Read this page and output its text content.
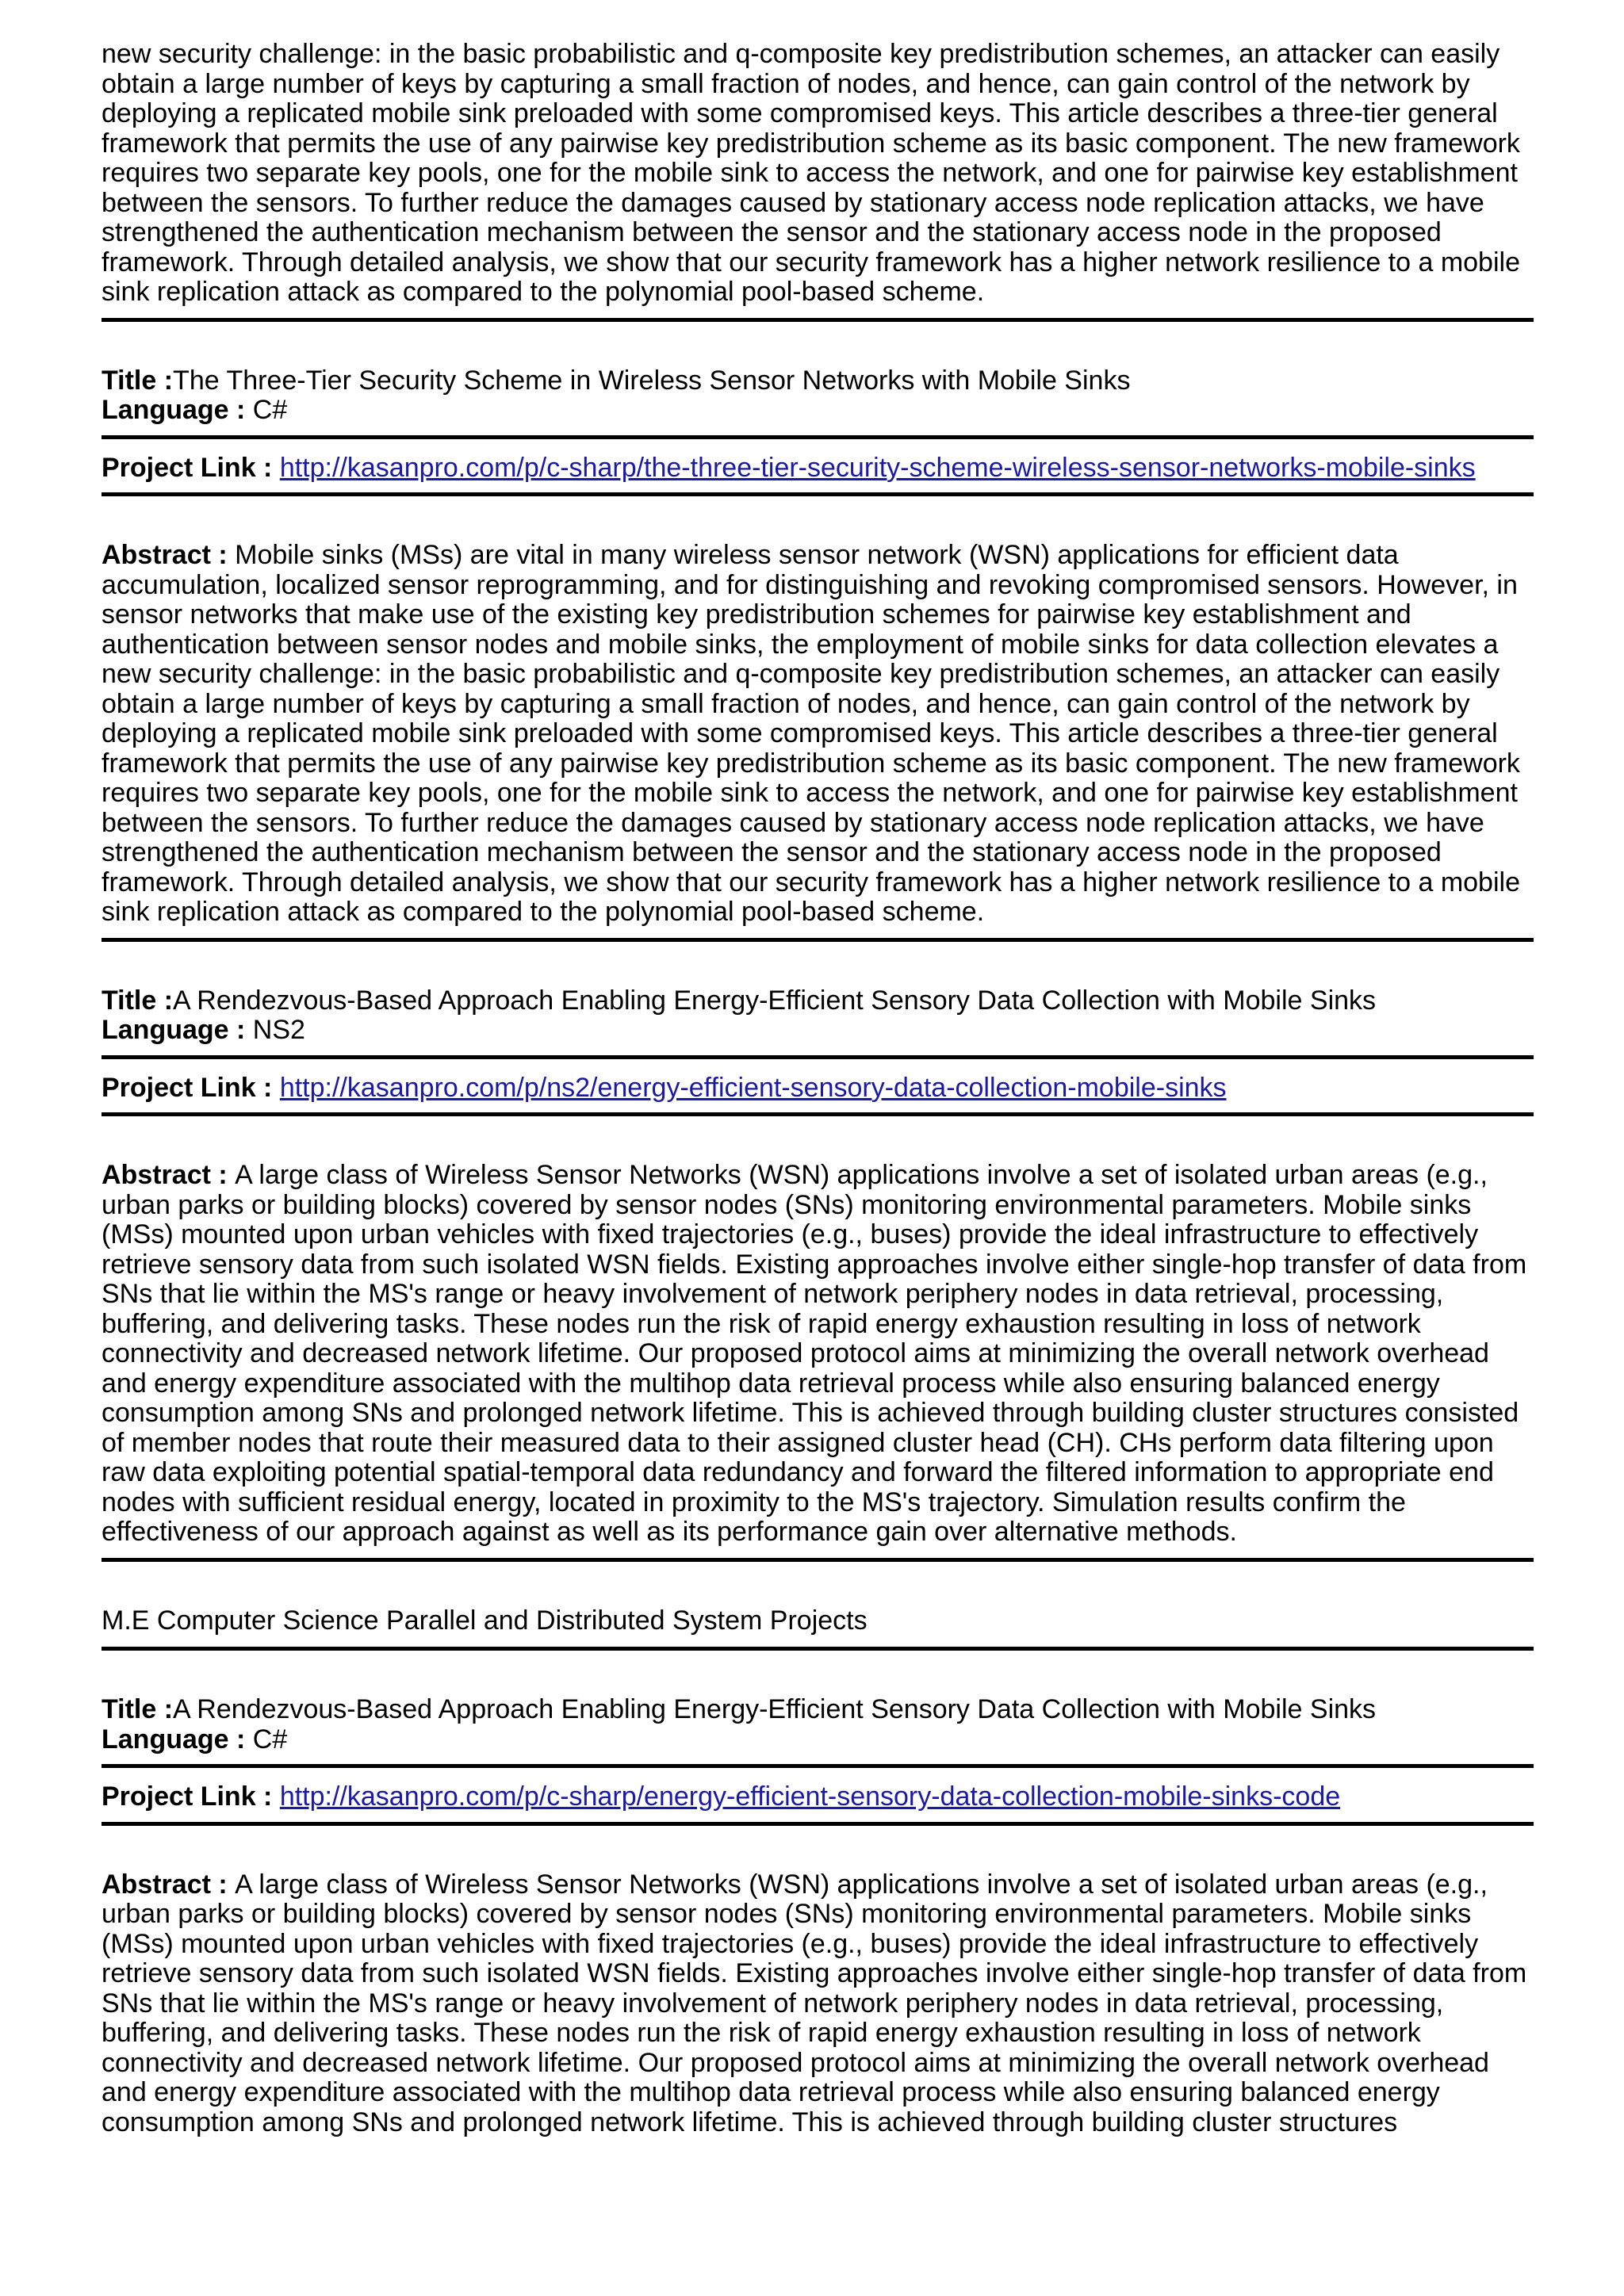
new security challenge: in the basic probabilistic and q-composite key predistribution schemes, an attacker can easily obtain a large number of keys by capturing a small fraction of nodes, and hence, can gain control of the network by deploying a replicated mobile sink preloaded with some compromised keys. This article describes a three-tier general framework that permits the use of any pairwise key predistribution scheme as its basic component. The new framework requires two separate key pools, one for the mobile sink to access the network, and one for pairwise key establishment between the sensors. To further reduce the damages caused by stationary access node replication attacks, we have strengthened the authentication mechanism between the sensor and the stationary access node in the proposed framework. Through detailed analysis, we show that our security framework has a higher network resilience to a mobile sink replication attack as compared to the polynomial pool-based scheme.

Title :The Three-Tier Security Scheme in Wireless Sensor Networks with Mobile Sinks
Language : C#
Project Link : http://kasanpro.com/p/c-sharp/the-three-tier-security-scheme-wireless-sensor-networks-mobile-sinks

Abstract : Mobile sinks (MSs) are vital in many wireless sensor network (WSN) applications for efficient data accumulation, localized sensor reprogramming, and for distinguishing and revoking compromised sensors. However, in sensor networks that make use of the existing key predistribution schemes for pairwise key establishment and authentication between sensor nodes and mobile sinks, the employment of mobile sinks for data collection elevates a new security challenge: in the basic probabilistic and q-composite key predistribution schemes, an attacker can easily obtain a large number of keys by capturing a small fraction of nodes, and hence, can gain control of the network by deploying a replicated mobile sink preloaded with some compromised keys. This article describes a three-tier general framework that permits the use of any pairwise key predistribution scheme as its basic component. The new framework requires two separate key pools, one for the mobile sink to access the network, and one for pairwise key establishment between the sensors. To further reduce the damages caused by stationary access node replication attacks, we have strengthened the authentication mechanism between the sensor and the stationary access node in the proposed framework. Through detailed analysis, we show that our security framework has a higher network resilience to a mobile sink replication attack as compared to the polynomial pool-based scheme.

Title :A Rendezvous-Based Approach Enabling Energy-Efficient Sensory Data Collection with Mobile Sinks
Language : NS2
Project Link : http://kasanpro.com/p/ns2/energy-efficient-sensory-data-collection-mobile-sinks

Abstract : A large class of Wireless Sensor Networks (WSN) applications involve a set of isolated urban areas (e.g., urban parks or building blocks) covered by sensor nodes (SNs) monitoring environmental parameters. Mobile sinks (MSs) mounted upon urban vehicles with fixed trajectories (e.g., buses) provide the ideal infrastructure to effectively retrieve sensory data from such isolated WSN fields. Existing approaches involve either single-hop transfer of data from SNs that lie within the MS's range or heavy involvement of network periphery nodes in data retrieval, processing, buffering, and delivering tasks. These nodes run the risk of rapid energy exhaustion resulting in loss of network connectivity and decreased network lifetime. Our proposed protocol aims at minimizing the overall network overhead and energy expenditure associated with the multihop data retrieval process while also ensuring balanced energy consumption among SNs and prolonged network lifetime. This is achieved through building cluster structures consisted of member nodes that route their measured data to their assigned cluster head (CH). CHs perform data filtering upon raw data exploiting potential spatial-temporal data redundancy and forward the filtered information to appropriate end nodes with sufficient residual energy, located in proximity to the MS's trajectory. Simulation results confirm the effectiveness of our approach against as well as its performance gain over alternative methods.

M.E Computer Science Parallel and Distributed System Projects
Title :A Rendezvous-Based Approach Enabling Energy-Efficient Sensory Data Collection with Mobile Sinks
Language : C#
Project Link : http://kasanpro.com/p/c-sharp/energy-efficient-sensory-data-collection-mobile-sinks-code

Abstract : A large class of Wireless Sensor Networks (WSN) applications involve a set of isolated urban areas (e.g., urban parks or building blocks) covered by sensor nodes (SNs) monitoring environmental parameters. Mobile sinks (MSs) mounted upon urban vehicles with fixed trajectories (e.g., buses) provide the ideal infrastructure to effectively retrieve sensory data from such isolated WSN fields. Existing approaches involve either single-hop transfer of data from SNs that lie within the MS's range or heavy involvement of network periphery nodes in data retrieval, processing, buffering, and delivering tasks. These nodes run the risk of rapid energy exhaustion resulting in loss of network connectivity and decreased network lifetime. Our proposed protocol aims at minimizing the overall network overhead and energy expenditure associated with the multihop data retrieval process while also ensuring balanced energy consumption among SNs and prolonged network lifetime. This is achieved through building cluster structures
